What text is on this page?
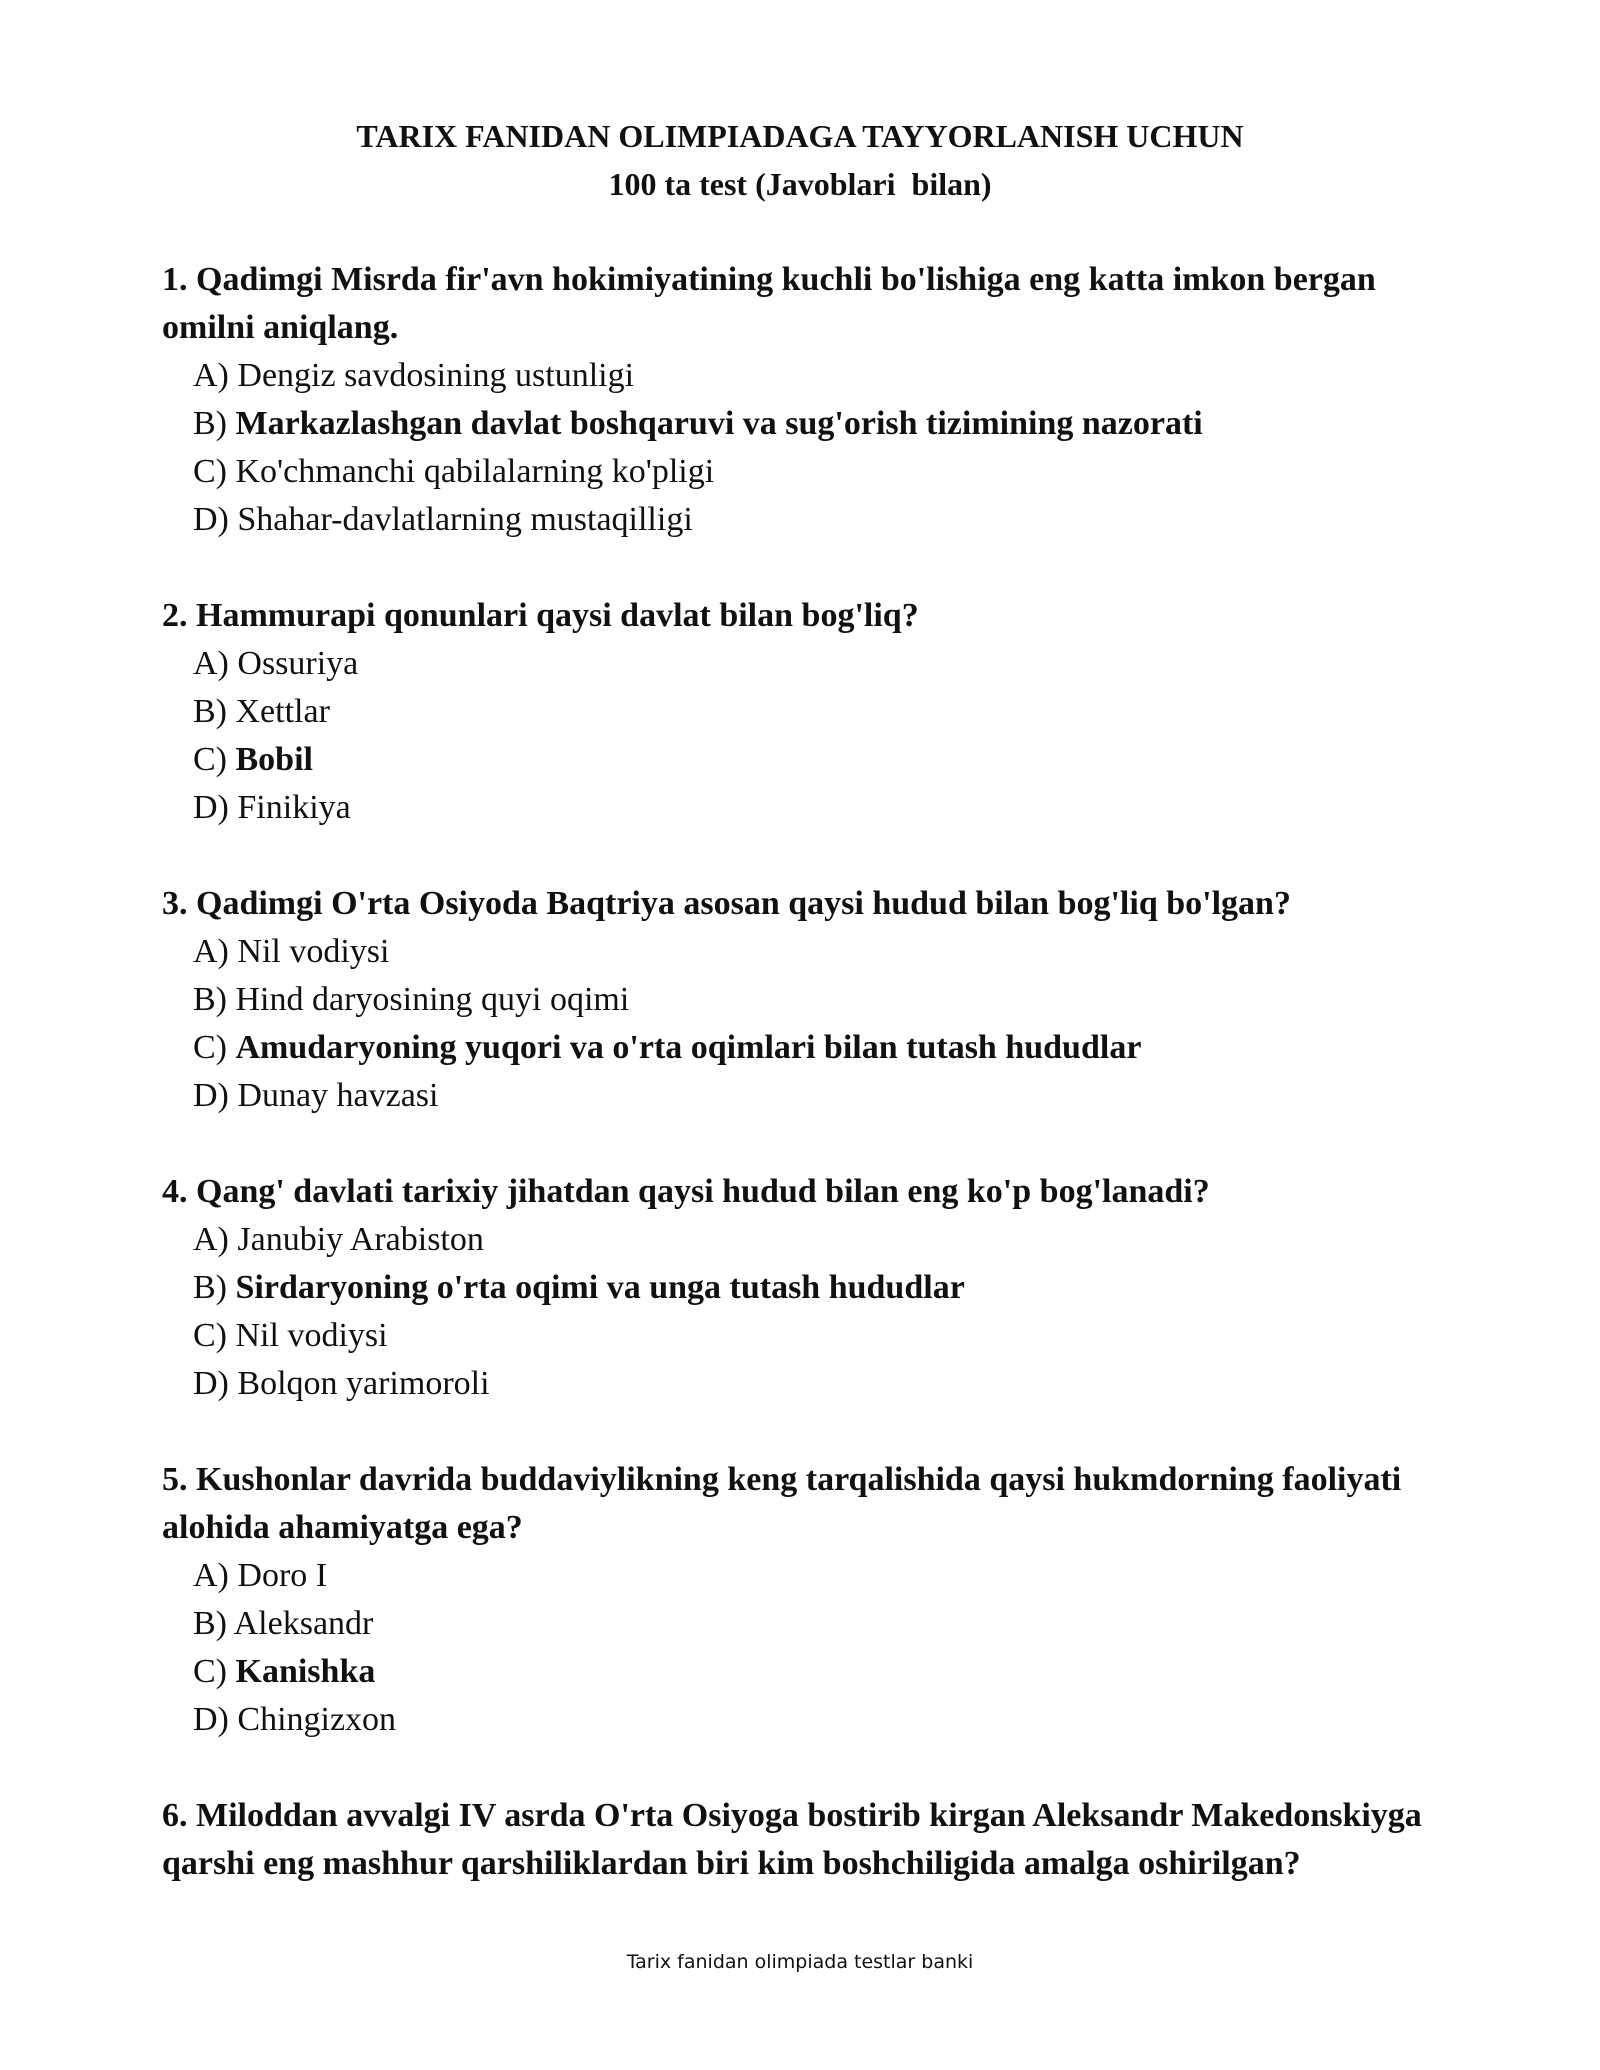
TARIX FANIDAN OLIMPIADAGA TAYYORLANISH UCHUN
100 ta test (Javoblari  bilan)
1. Qadimgi Misrda fir'avn hokimiyatining kuchli bo'lishiga eng katta imkon bergan omilni aniqlang.
A) Dengiz savdosining ustunligi
B) Markazlashgan davlat boshqaruvi va sug'orish tizimining nazorati
C) Ko'chmanchi qabilalarning ko'pligi
D) Shahar-davlatlarning mustaqilligi
2. Hammurapi qonunlari qaysi davlat bilan bog'liq?
A) Ossuriya
B) Xettlar
C) Bobil
D) Finikiya
3. Qadimgi O'rta Osiyoda Baqtriya asosan qaysi hudud bilan bog'liq bo'lgan?
A) Nil vodiysi
B) Hind daryosining quyi oqimi
C) Amudaryoning yuqori va o'rta oqimlari bilan tutash hududlar
D) Dunay havzasi
4. Qang' davlati tarixiy jihatdan qaysi hudud bilan eng ko'p bog'lanadi?
A) Janubiy Arabiston
B) Sirdaryoning o'rta oqimi va unga tutash hududlar
C) Nil vodiysi
D) Bolqon yarimoroli
5. Kushonlar davrida buddaviylikning keng tarqalishida qaysi hukmdorning faoliyati alohida ahamiyatga ega?
A) Doro I
B) Aleksandr
C) Kanishka
D) Chingizxon
6. Miloddan avvalgi IV asrda O'rta Osiyoga bostirib kirgan Aleksandr Makedonskiyga qarshi eng mashhur qarshiliklardan biri kim boshchiligida amalga oshirilgan?
Tarix fanidan olimpiada testlar banki
